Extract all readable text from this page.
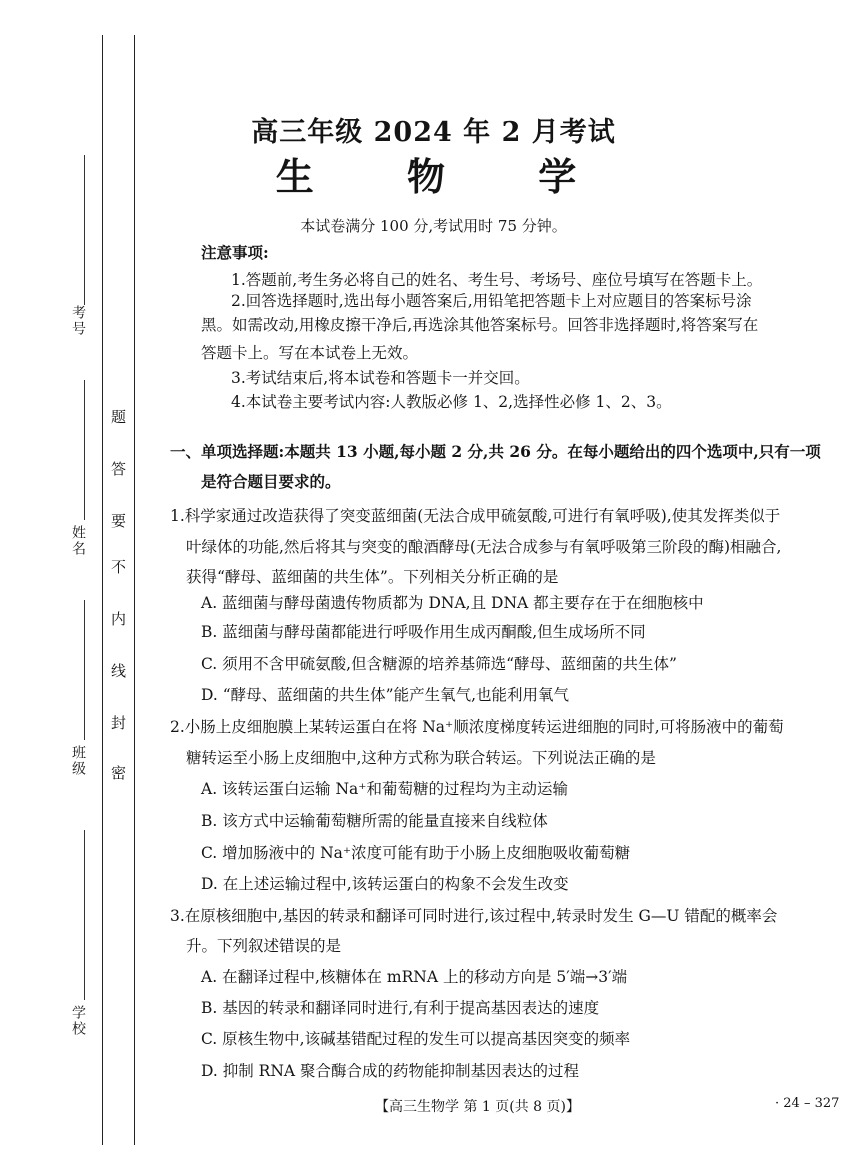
考号
姓名
班级
学校
密
封
线
内
不
要
答
题
高三年级 2024 年 2 月考试
生 物 学
本试卷满分 100 分,考试用时 75 分钟。
注意事项:
1.答题前,考生务必将自己的姓名、考生号、考场号、座位号填写在答题卡上。
2.回答选择题时,选出每小题答案后,用铅笔把答题卡上对应题目的答案标号涂
黑。如需改动,用橡皮擦干净后,再选涂其他答案标号。回答非选择题时,将答案写在
答题卡上。写在本试卷上无效。
3.考试结束后,将本试卷和答题卡一并交回。
4.本试卷主要考试内容:人教版必修 1、2,选择性必修 1、2、3。
一、单项选择题:本题共 13 小题,每小题 2 分,共 26 分。在每小题给出的四个选项中,只有一项
是符合题目要求的。
1.科学家通过改造获得了突变蓝细菌(无法合成甲硫氨酸,可进行有氧呼吸),使其发挥类似于
叶绿体的功能,然后将其与突变的酿酒酵母(无法合成参与有氧呼吸第三阶段的酶)相融合,
获得“酵母、蓝细菌的共生体”。下列相关分析正确的是
A. 蓝细菌与酵母菌遗传物质都为 DNA,且 DNA 都主要存在于在细胞核中
B. 蓝细菌与酵母菌都能进行呼吸作用生成丙酮酸,但生成场所不同
C. 须用不含甲硫氨酸,但含糖源的培养基筛选“酵母、蓝细菌的共生体”
D. “酵母、蓝细菌的共生体”能产生氧气,也能利用氧气
2.小肠上皮细胞膜上某转运蛋白在将 Na⁺顺浓度梯度转运进细胞的同时,可将肠液中的葡萄
糖转运至小肠上皮细胞中,这种方式称为联合转运。下列说法正确的是
A. 该转运蛋白运输 Na⁺和葡萄糖的过程均为主动运输
B. 该方式中运输葡萄糖所需的能量直接来自线粒体
C. 增加肠液中的 Na⁺浓度可能有助于小肠上皮细胞吸收葡萄糖
D. 在上述运输过程中,该转运蛋白的构象不会发生改变
3.在原核细胞中,基因的转录和翻译可同时进行,该过程中,转录时发生 G—U 错配的概率会
升。下列叙述错误的是
A. 在翻译过程中,核糖体在 mRNA 上的移动方向是 5′端→3′端
B. 基因的转录和翻译同时进行,有利于提高基因表达的速度
C. 原核生物中,该碱基错配过程的发生可以提高基因突变的频率
D. 抑制 RNA 聚合酶合成的药物能抑制基因表达的过程
【高三生物学 第 1 页(共 8 页)】	· 24 – 327
